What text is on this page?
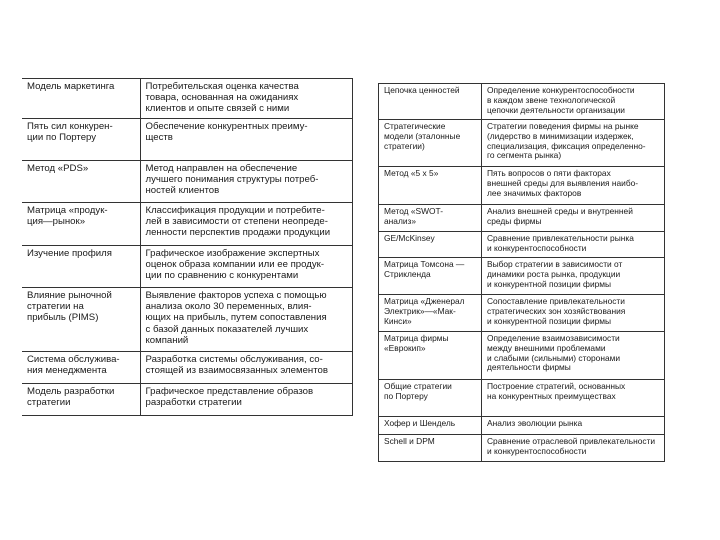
Модель маркетинга	Потребительская оценка качества
товара, основанная на ожиданиях
клиентов и опыте связей с ними
Пять сил конкурен-
ции по Портеру	Обеспечение конкурентных преиму-
ществ
Метод «PDS»	Метод направлен на обеспечение
лучшего понимания структуры потреб-
ностей клиентов
Матрица «продук-
ция—рынок»	Классификация продукции и потребите-
лей в зависимости от степени неопреде-
ленности перспектив продажи продукции
Изучение профиля	Графическое изображение экспертных
оценок образа компании или ее продук-
ции по сравнению с конкурентами
Влияние рыночной
стратегии на
прибыль (PIMS)	Выявление факторов успеха с помощью
анализа около 30 переменных, влия-
ющих на прибыль, путем сопоставления
с базой данных показателей лучших
компаний
Система обслужива-
ния менеджмента	Разработка системы обслуживания, со-
стоящей из взаимосвязанных элементов
Модель разработки
стратегии	Графическое представление образов
разработки стратегии
Цепочка ценностей	Определение конкурентоспособности
в каждом звене технологической
цепочки деятельности организации
Стратегические
модели (эталонные
стратегии)	Стратегии поведения фирмы на рынке
(лидерство в минимизации издержек,
специализация, фиксация определенно-
го сегмента рынка)
Метод «5 х 5»	Пять вопросов о пяти факторах
внешней среды для выявления наибо-
лее значимых факторов
Метод «SWOT-
анализ»	Анализ внешней среды и внутренней
среды фирмы
GE/McKinsey	Сравнение привлекательности рынка
и конкурентоспособности
Матрица Томсона —
Стрикленда	Выбор стратегии в зависимости от
динамики роста рынка, продукции
и конкурентной позиции фирмы
Матрица «Дженерал
Электрик»—«Мак-
Кинси»	Сопоставление привлекательности
стратегических зон хозяйствования
и конкурентной позиции фирмы
Матрица фирмы
«Еврокип»	Определение взаимозависимости
между внешними проблемами
и слабыми (сильными) сторонами
деятельности фирмы
Общие стратегии
по Портеру	Построение стратегий, основанных
на конкурентных преимуществах
Хофер и Шендель	Анализ эволюции рынка
Schell и DPM	Сравнение отраслевой привлекательности
и конкурентоспособности
